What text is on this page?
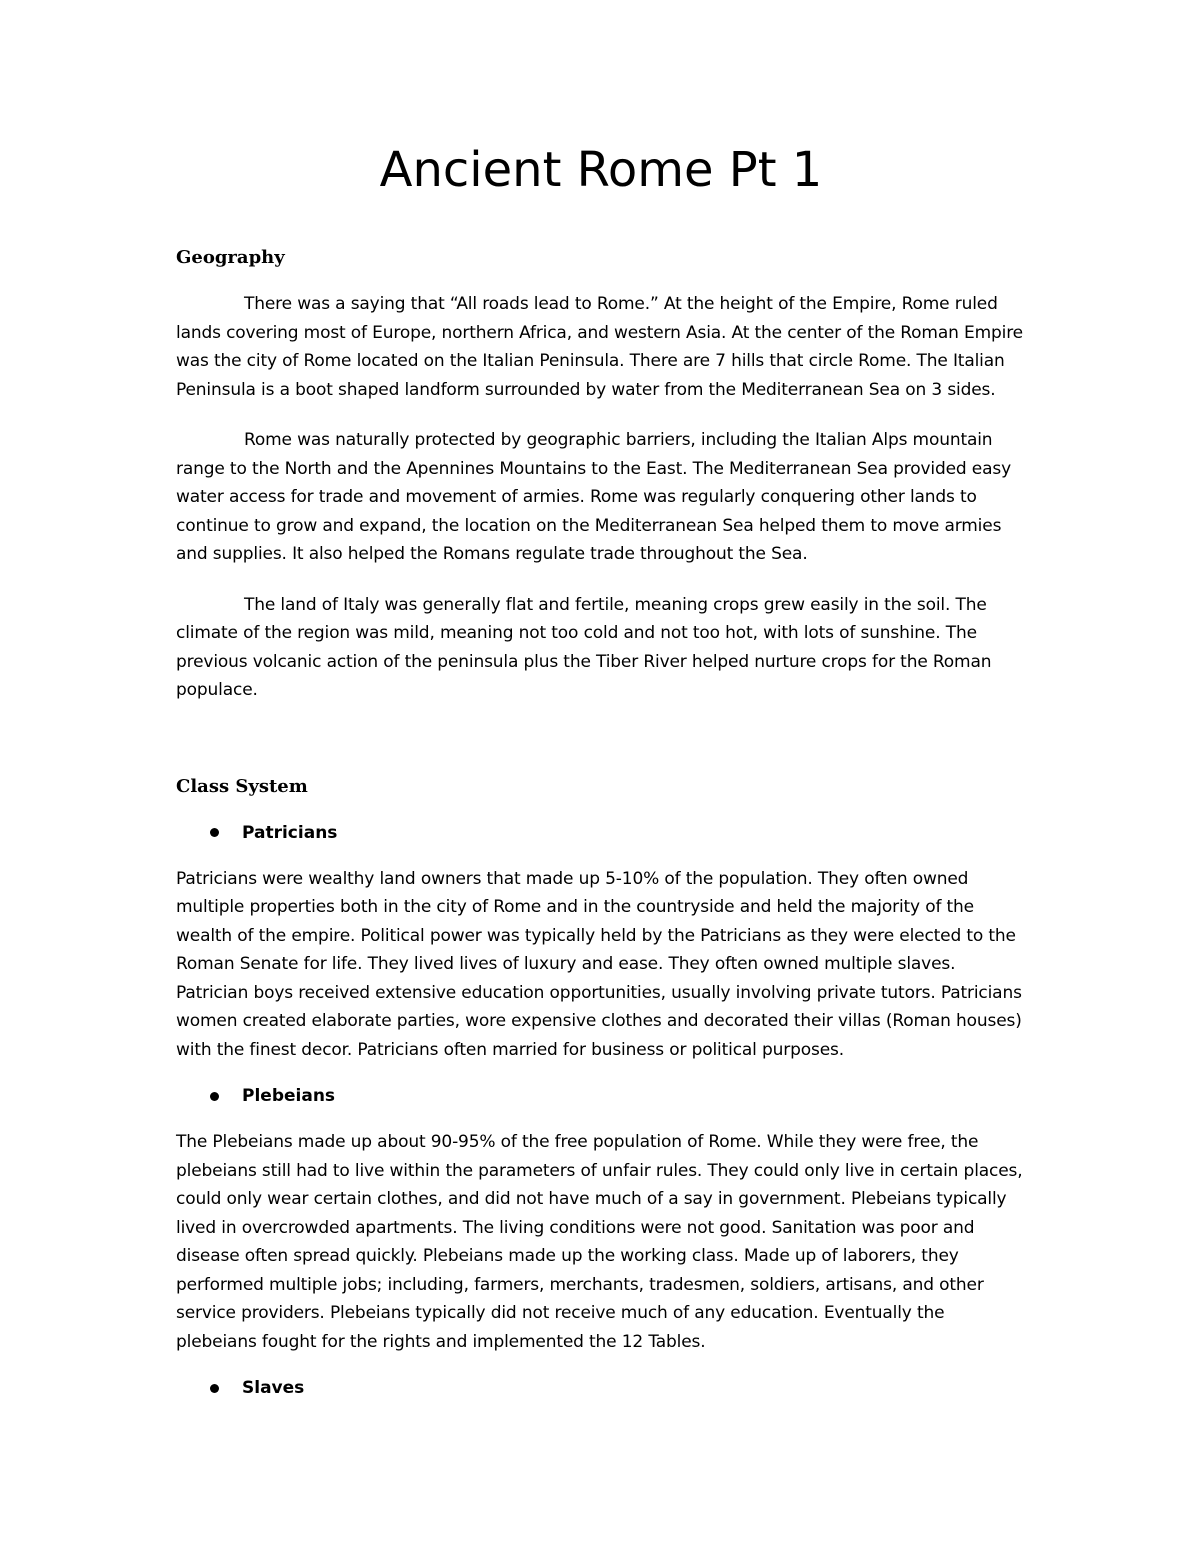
Ancient Rome Pt 1
Geography

There was a saying that “All roads lead to Rome.” At the height of the Empire, Rome ruled lands covering most of Europe, northern Africa, and western Asia. At the center of the Roman Empire was the city of Rome located on the Italian Peninsula. There are 7 hills that circle Rome. The Italian Peninsula is a boot shaped landform surrounded by water from the Mediterranean Sea on 3 sides.

Rome was naturally protected by geographic barriers, including the Italian Alps mountain range to the North and the Apennines Mountains to the East. The Mediterranean Sea provided easy water access for trade and movement of armies. Rome was regularly conquering other lands to continue to grow and expand, the location on the Mediterranean Sea helped them to move armies and supplies. It also helped the Romans regulate trade throughout the Sea.

The land of Italy was generally flat and fertile, meaning crops grew easily in the soil. The climate of the region was mild, meaning not too cold and not too hot, with lots of sunshine. The previous volcanic action of the peninsula plus the Tiber River helped nurture crops for the Roman populace.

Class System
Patricians

Patricians were wealthy land owners that made up 5-10% of the population. They often owned multiple properties both in the city of Rome and in the countryside and held the majority of the wealth of the empire. Political power was typically held by the Patricians as they were elected to the Roman Senate for life. They lived lives of luxury and ease. They often owned multiple slaves. Patrician boys received extensive education opportunities, usually involving private tutors. Patricians women created elaborate parties, wore expensive clothes and decorated their villas (Roman houses) with the finest decor. Patricians often married for business or political purposes.

Plebeians

The Plebeians made up about 90-95% of the free population of Rome. While they were free, the plebeians still had to live within the parameters of unfair rules. They could only live in certain places, could only wear certain clothes, and did not have much of a say in government. Plebeians typically lived in overcrowded apartments. The living conditions were not good. Sanitation was poor and disease often spread quickly. Plebeians made up the working class. Made up of laborers, they performed multiple jobs; including, farmers, merchants, tradesmen, soldiers, artisans, and other service providers. Plebeians typically did not receive much of any education. Eventually the plebeians fought for the rights and implemented the 12 Tables.

Slaves
